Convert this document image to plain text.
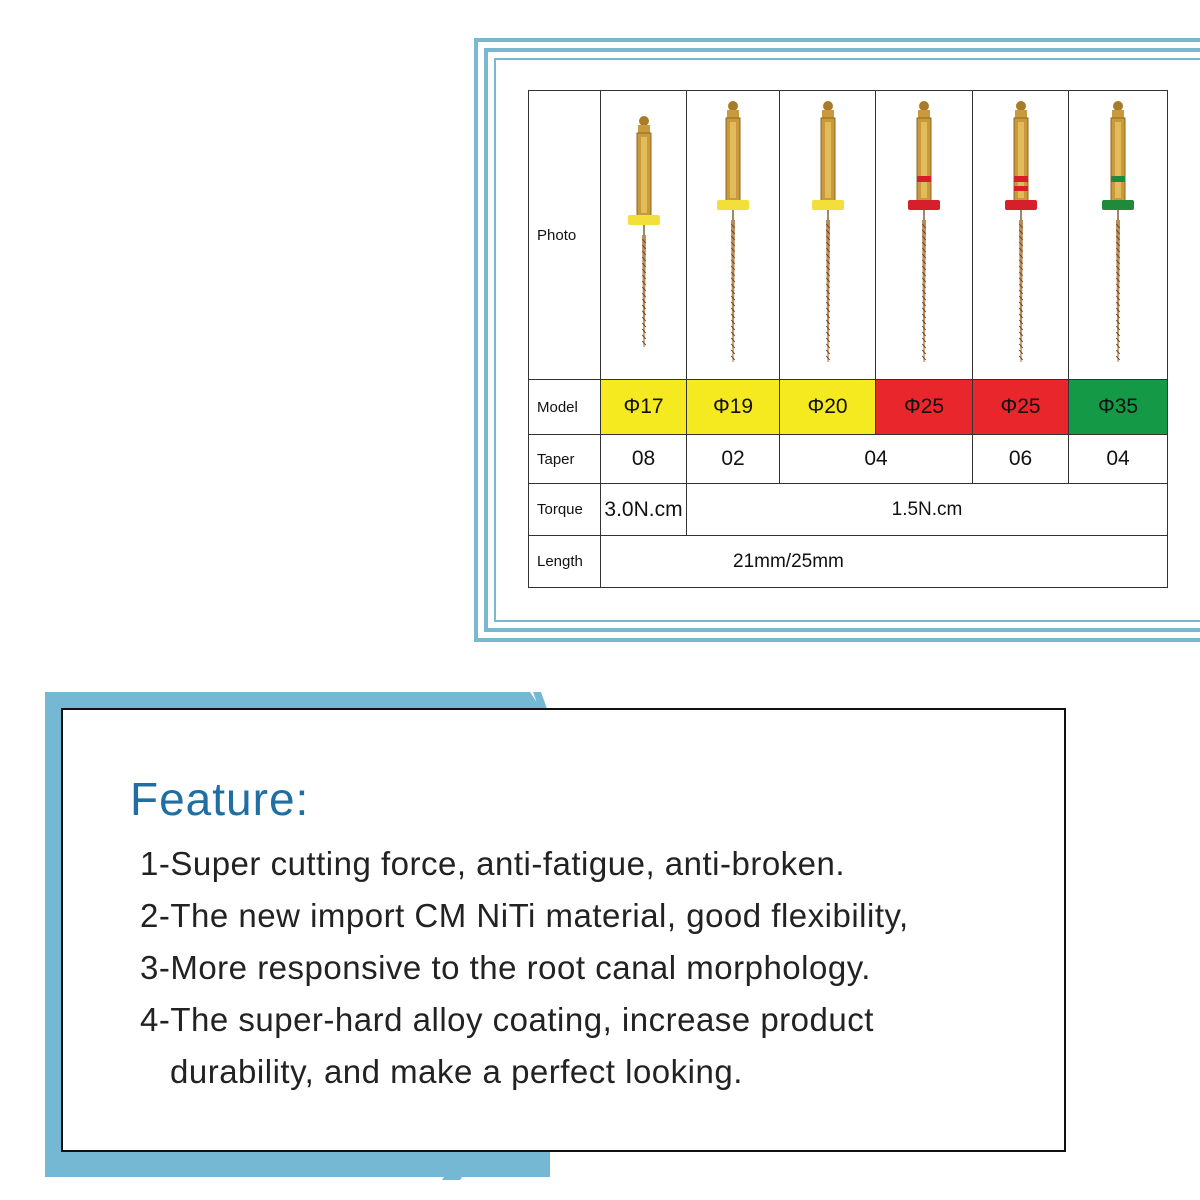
Photo	

Model	Φ17	Φ19	Φ20	Φ25	Φ25	Φ35
Taper	08	02	04		06	04
Torque	3.0N.cm	1.5N.cm				
Length	21mm/25mm					
Feature:
1-Super cutting force, anti-fatigue, anti-broken.
2-The new import CM NiTi material, good flexibility,
3-More responsive to the root canal morphology.
4-The super-hard alloy coating, increase product
durability, and make a perfect looking.
